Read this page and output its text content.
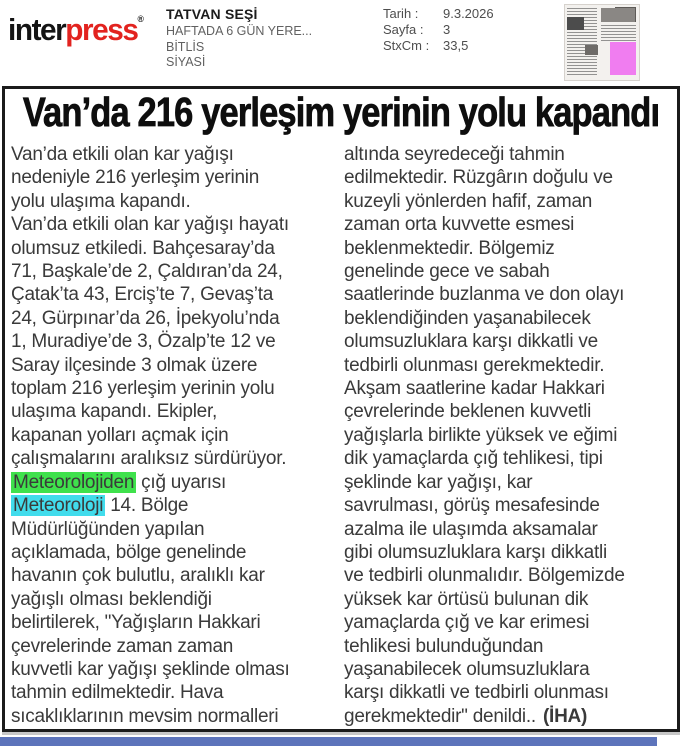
interpress® TATVAN SEŞİ
HAFTADA 6 GÜN YERE...
BİTLİS
SİYASİ
Tarih :	9.3.2026
Sayfa :	3
StxCm :	33,5
Van’da 216 yerleşim yerinin yolu kapandı
Van’da etkili olan kar yağışı
nedeniyle 216 yerleşim yerinin
yolu ulaşıma kapandı.
Van’da etkili olan kar yağışı hayatı
olumsuz etkiledi. Bahçesaray’da
71, Başkale’de 2, Çaldıran’da 24,
Çatak’ta 43, Erciş’te 7, Gevaş’ta
24, Gürpınar’da 26, İpekyolu’nda
1, Muradiye’de 3, Özalp’te 12 ve
Saray ilçesinde 3 olmak üzere
toplam 216 yerleşim yerinin yolu
ulaşıma kapandı. Ekipler,
kapanan yolları açmak için
çalışmalarını aralıksız sürdürüyor.
Meteorolojiden çığ uyarısı
Meteoroloji 14. Bölge
Müdürlüğünden yapılan
açıklamada, bölge genelinde
havanın çok bulutlu, aralıklı kar
yağışlı olması beklendiği
belirtilerek, "Yağışların Hakkari
çevrelerinde zaman zaman
kuvvetli kar yağışı şeklinde olması
tahmin edilmektedir. Hava
sıcaklıklarının mevsim normalleri
altında seyredeceği tahmin
edilmektedir. Rüzgârın doğulu ve
kuzeyli yönlerden hafif, zaman
zaman orta kuvvette esmesi
beklenmektedir. Bölgemiz
genelinde gece ve sabah
saatlerinde buzlanma ve don olayı
beklendiğinden yaşanabilecek
olumsuzluklara karşı dikkatli ve
tedbirli olunması gerekmektedir.
Akşam saatlerine kadar Hakkari
çevrelerinde beklenen kuvvetli
yağışlarla birlikte yüksek ve eğimi
dik yamaçlarda çığ tehlikesi, tipi
şeklinde kar yağışı, kar
savrulması, görüş mesafesinde
azalma ile ulaşımda aksamalar
gibi olumsuzluklara karşı dikkatli
ve tedbirli olunmalıdır. Bölgemizde
yüksek kar örtüsü bulunan dik
yamaçlarda çığ ve kar erimesi
tehlikesi bulunduğundan
yaşanabilecek olumsuzluklara
karşı dikkatli ve tedbirli olunması
gerekmektedir" denildi.. (İHA)
